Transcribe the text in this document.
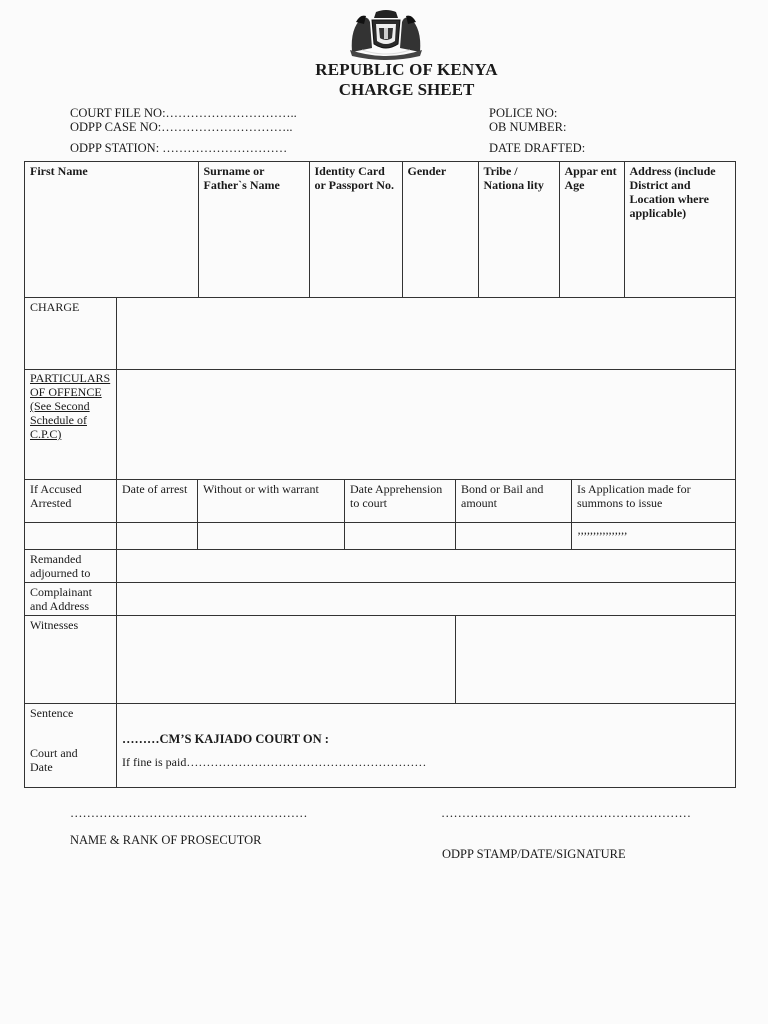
REPUBLIC OF KENYA
CHARGE SHEET
COURT FILE NO:…………………………..
ODPP CASE NO:…………………………..
ODPP STATION: …………………………
POLICE NO:
OB NUMBER:
DATE DRAFTED:
First Name	Surname or Father`s Name	Identity Card or Passport No.	Gender	Tribe / Nationa lity	Appar ent Age	Address (include District and Location where applicable)

CHARGE	
PARTICULARS OF OFFENCE (See Second Schedule of C.P.C)	
If Accused Arrested	Date of arrest	Without or with warrant	Date Apprehension to court	Bond or Bail and amount	Is Application made for summons to issue
					’’’’’’’’’’’’’’’’
Remanded adjourned to	
Complainant and Address	
Witnesses		

Sentence
Court and Date

………CM’S KAJIADO COURT ON :
If fine is paid……………………………………………………
…………………………………………………
NAME & RANK OF PROSECUTOR
……………………………………………………
ODPP STAMP/DATE/SIGNATURE
